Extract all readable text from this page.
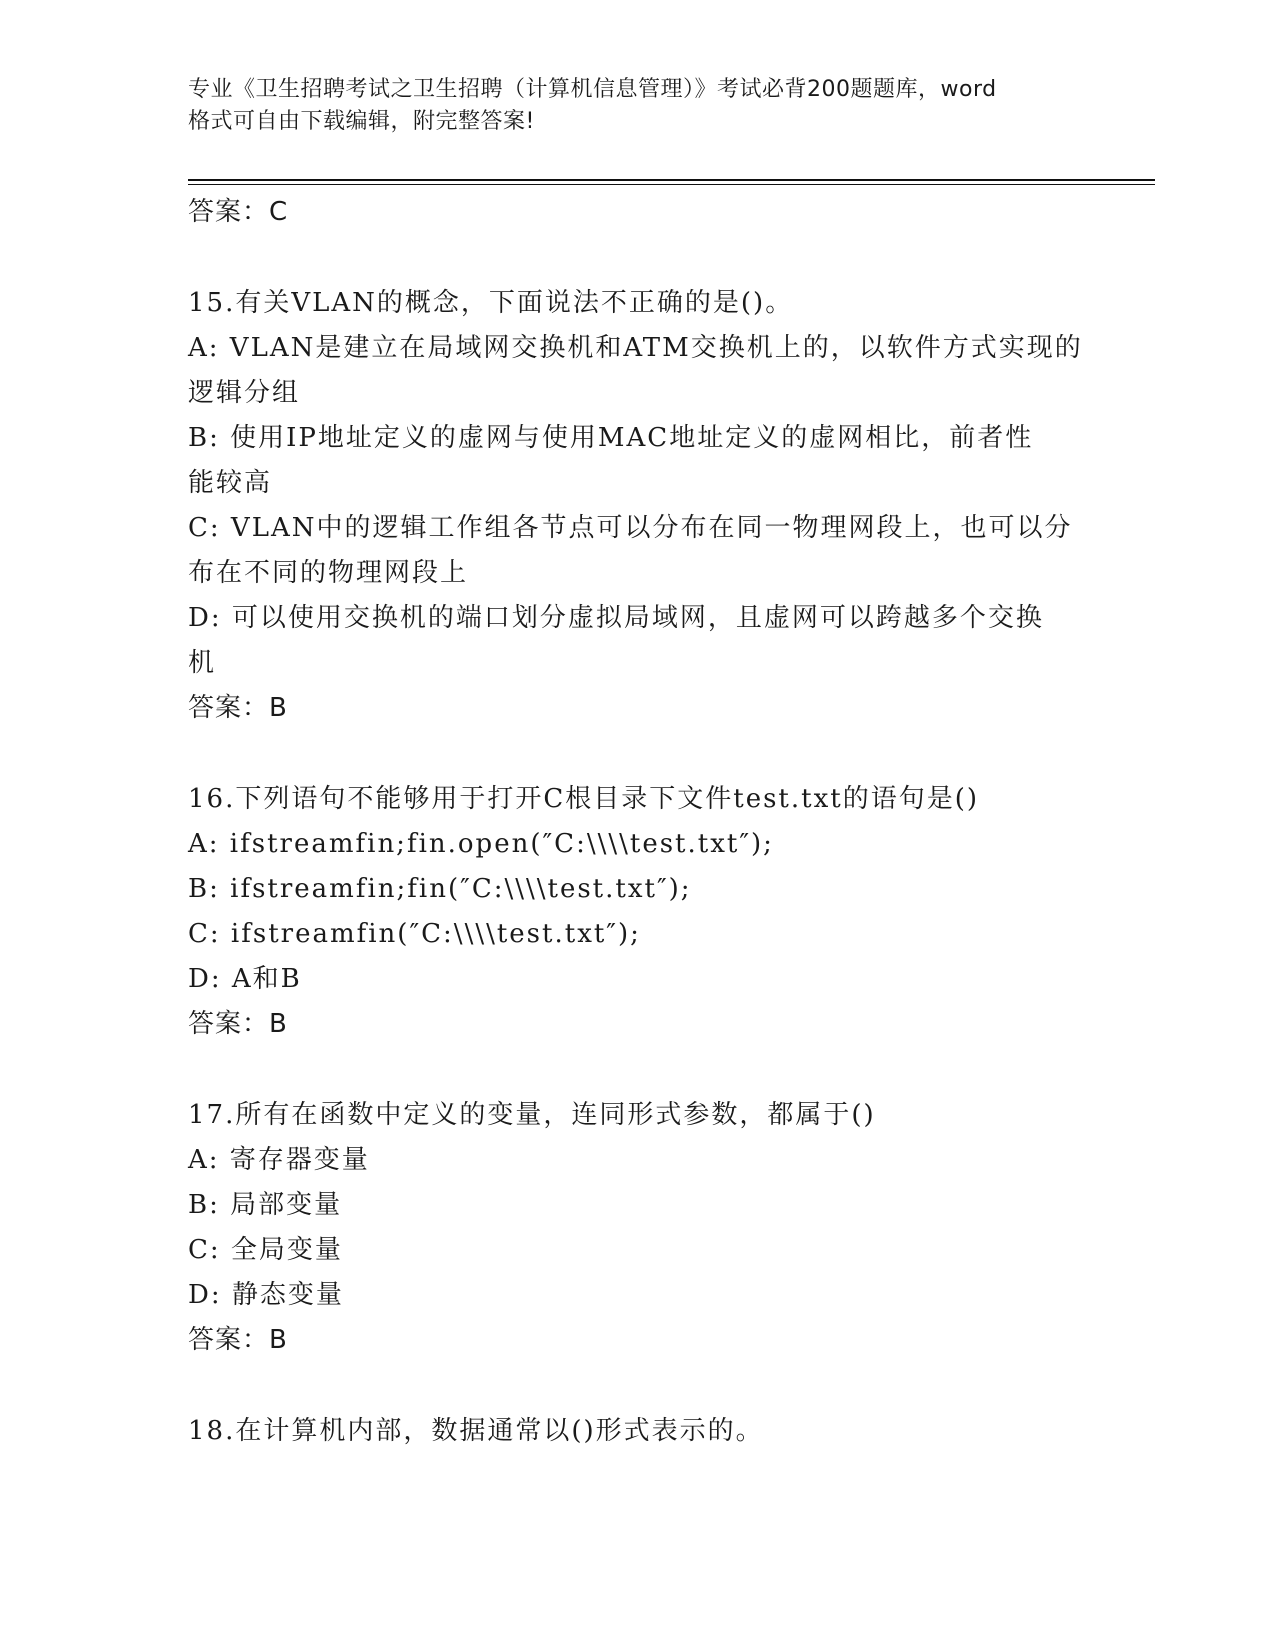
专业《卫生招聘考试之卫生招聘（计算机信息管理）》考试必背200题题库，word
格式可自由下载编辑，附完整答案!
答案：C
15.有关VLAN的概念，下面说法不正确的是()。
A: VLAN是建立在局域网交换机和ATM交换机上的，以软件方式实现的
逻辑分组
B: 使用IP地址定义的虚网与使用MAC地址定义的虚网相比，前者性
能较高
C: VLAN中的逻辑工作组各节点可以分布在同一物理网段上，也可以分
布在不同的物理网段上
D: 可以使用交换机的端口划分虚拟局域网，且虚网可以跨越多个交换
机
答案：B
16.下列语句不能够用于打开C根目录下文件test.txt的语句是()
A: ifstreamfin;fin.open(″C:\\\\test.txt″);
B: ifstreamfin;fin(″C:\\\\test.txt″);
C: ifstreamfin(″C:\\\\test.txt″);
D: A和B
答案：B
17.所有在函数中定义的变量，连同形式参数，都属于()
A: 寄存器变量
B: 局部变量
C: 全局变量
D: 静态变量
答案：B
18.在计算机内部，数据通常以()形式表示的。
